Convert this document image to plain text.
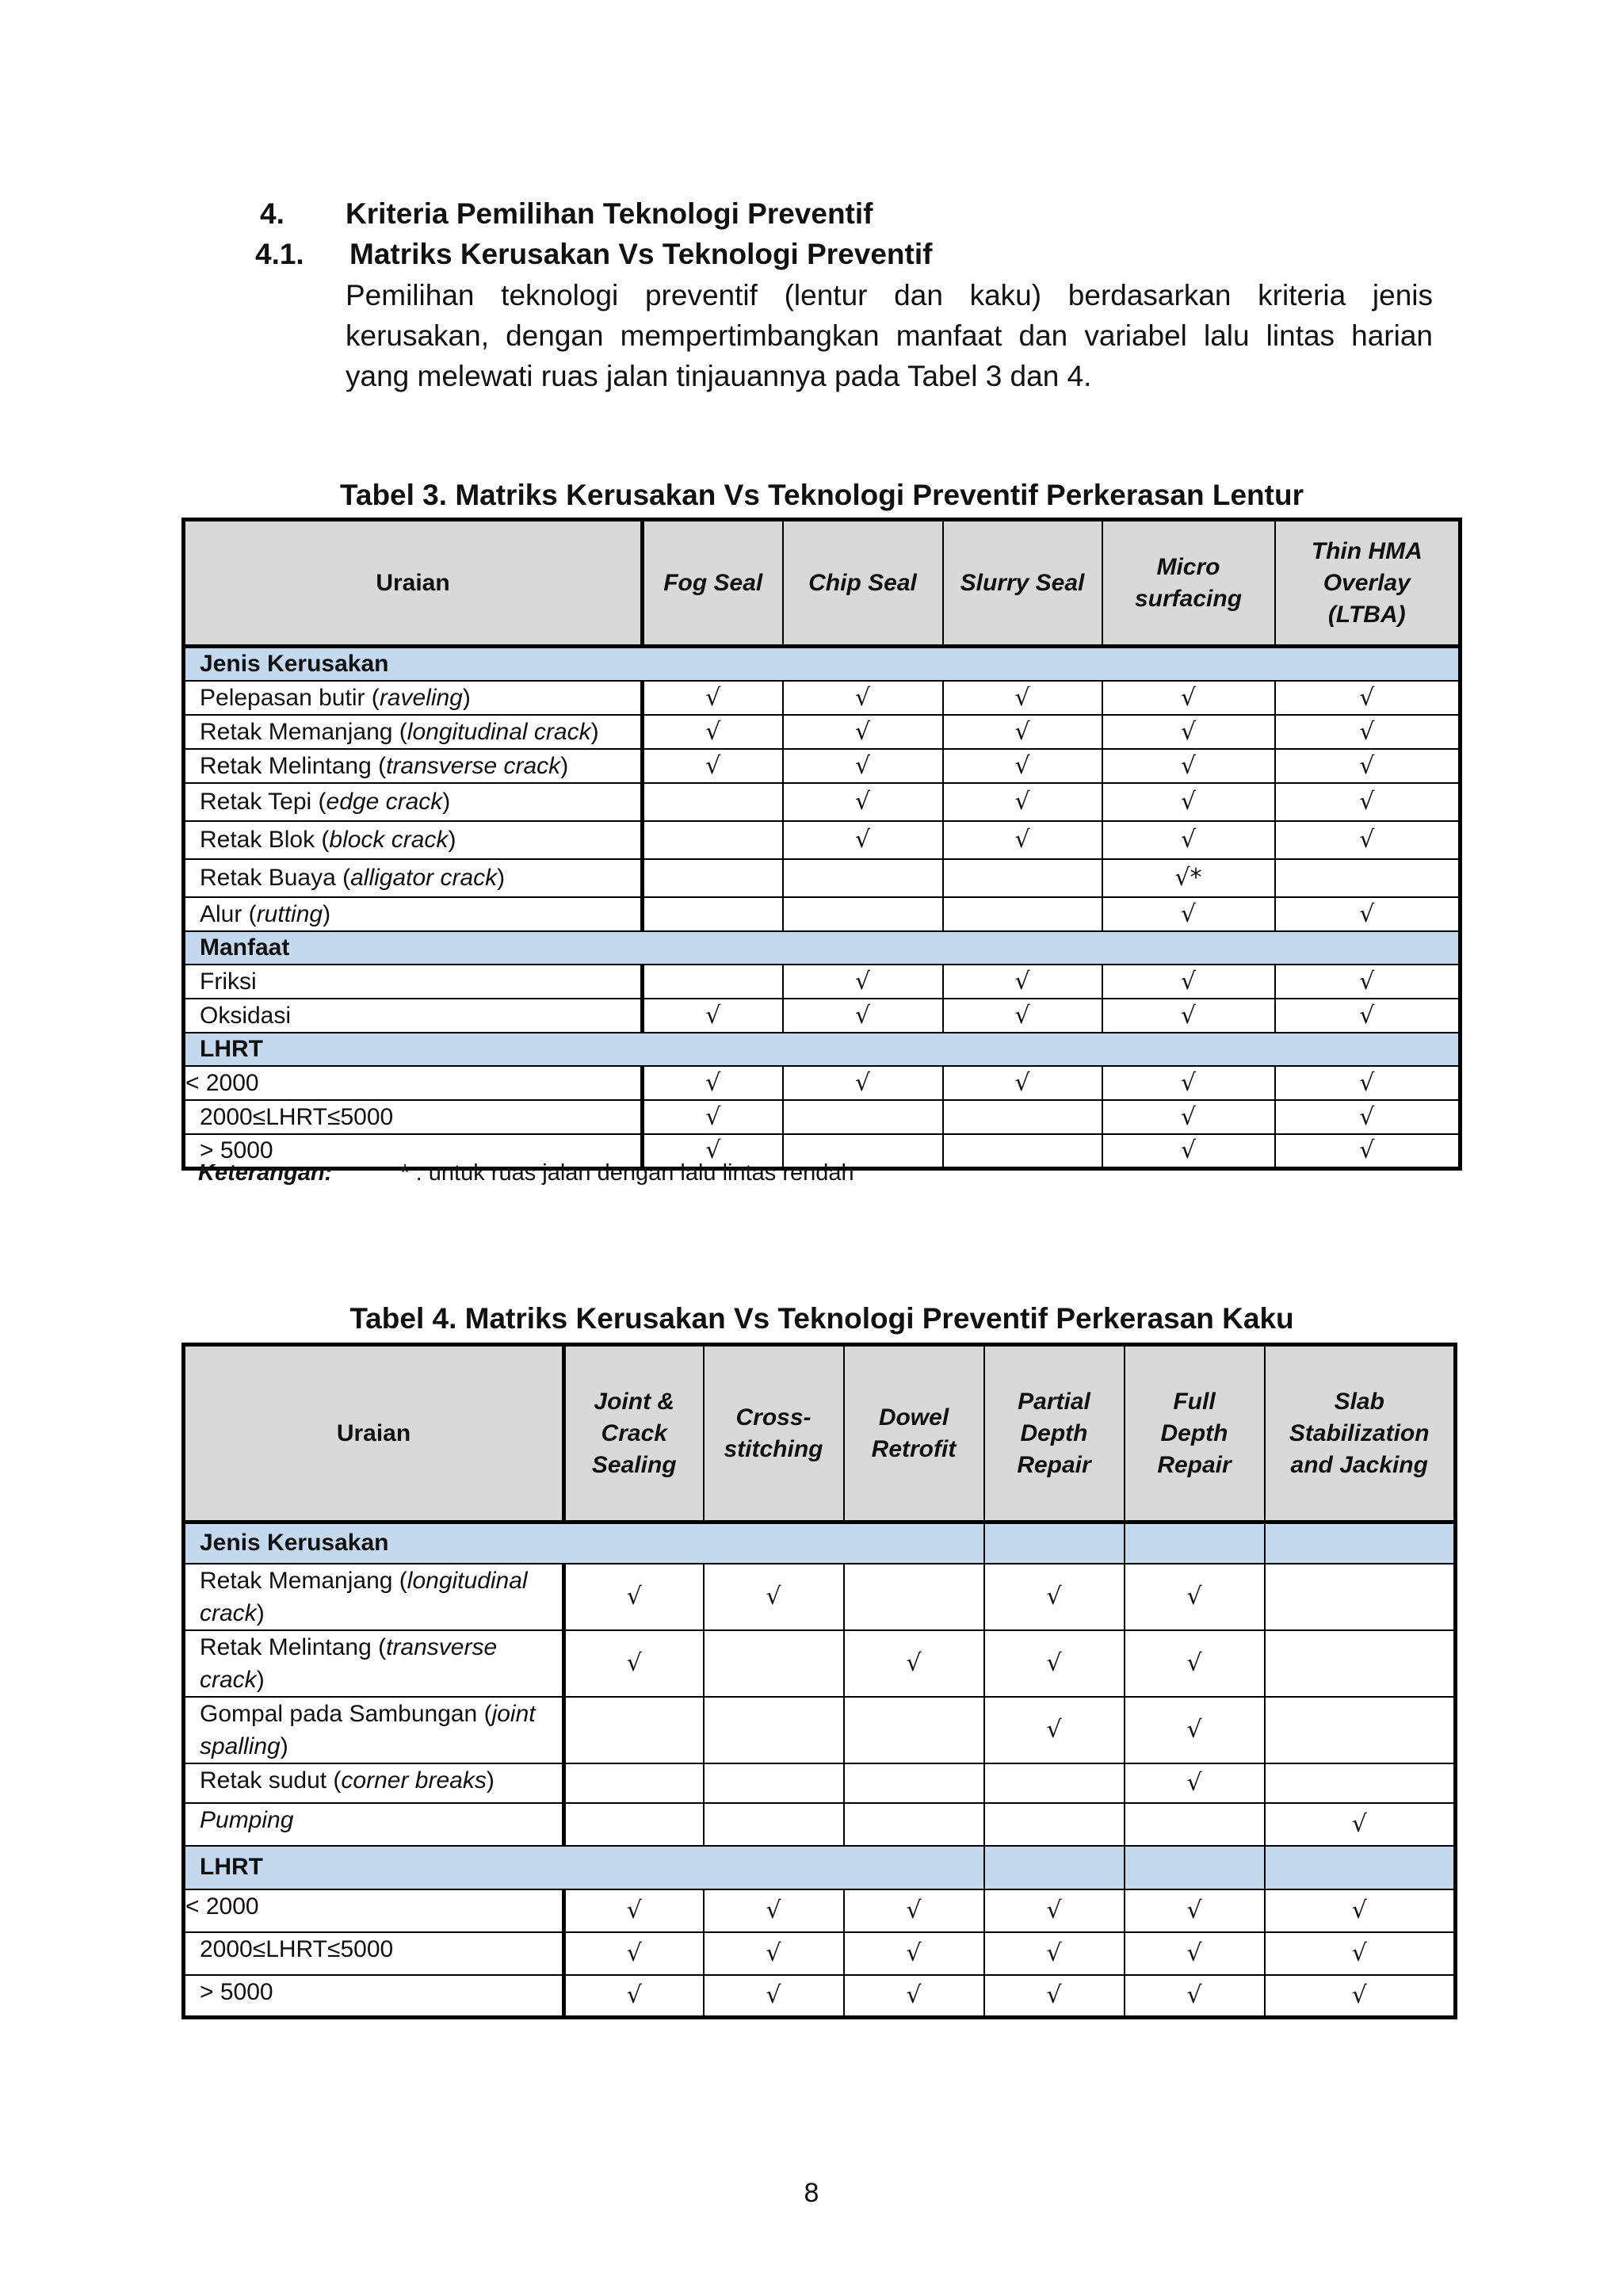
4. Kriteria Pemilihan Teknologi Preventif
4.1. Matriks Kerusakan Vs Teknologi Preventif
Pemilihan teknologi preventif (lentur dan kaku) berdasarkan kriteria jenis kerusakan, dengan mempertimbangkan manfaat dan variabel lalu lintas harian yang melewati ruas jalan tinjauannya pada Tabel 3 dan 4.
Tabel 3. Matriks Kerusakan Vs Teknologi Preventif Perkerasan Lentur
Uraian	Fog Seal	Chip Seal	Slurry Seal	Micro surfacing	Thin HMA Overlay (LTBA)
Jenis Kerusakan					
Pelepasan butir (raveling)	√	√	√	√	√
Retak Memanjang (longitudinal crack)	√	√	√	√	√
Retak Melintang (transverse crack)	√	√	√	√	√
Retak Tepi (edge crack)		√	√	√	√
Retak Blok (block crack)		√	√	√	√
Retak Buaya (alligator crack)				√*	
Alur (rutting)				√	√
Manfaat					
Friksi		√	√	√	√
Oksidasi	√	√	√	√	√
LHRT					
< 2000	√	√	√	√	√
2000≤LHRT≤5000	√			√	√
> 5000	√			√	√
Keterangan:	* : untuk ruas jalan dengan lalu lintas rendah
Tabel 4. Matriks Kerusakan Vs Teknologi Preventif Perkerasan Kaku
Uraian	Joint & Crack Sealing	Cross-stitching	Dowel Retrofit	Partial Depth Repair	Full Depth Repair	Slab Stabilization and Jacking
Jenis Kerusakan						
Retak Memanjang (longitudinal crack)	√	√		√	√	
Retak Melintang (transverse crack)	√		√	√	√	
Gompal pada Sambungan (joint spalling)				√	√	
Retak sudut (corner breaks)					√	
Pumping						√
LHRT						
< 2000	√	√	√	√	√	√
2000≤LHRT≤5000	√	√	√	√	√	√
> 5000	√	√	√	√	√	√
8
